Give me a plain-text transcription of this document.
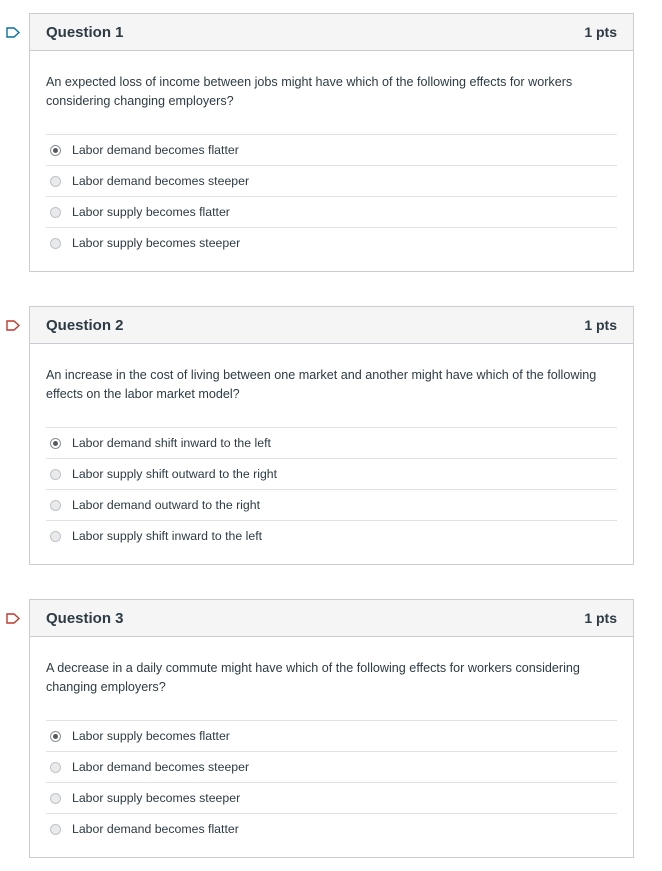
Question 1	1 pts

An expected loss of income between jobs might have which of the following effects for workers considering changing employers?

Labor demand becomes flatter
Labor demand becomes steeper
Labor supply becomes flatter
Labor supply becomes steeper
Question 2	1 pts

An increase in the cost of living between one market and another might have which of the following effects on the labor market model?

Labor demand shift inward to the left
Labor supply shift outward to the right
Labor demand outward to the right
Labor supply shift inward to the left
Question 3	1 pts

A decrease in a daily commute might have which of the following effects for workers considering changing employers?

Labor supply becomes flatter
Labor demand becomes steeper
Labor supply becomes steeper
Labor demand becomes flatter
